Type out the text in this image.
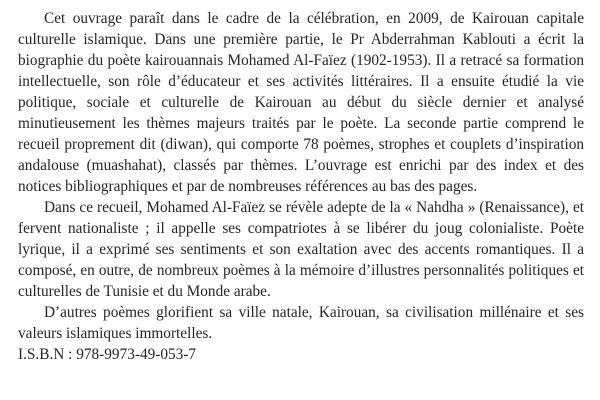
Cet ouvrage paraît dans le cadre de la célébration, en 2009, de Kairouan capitale culturelle islamique. Dans une première partie, le Pr Abderrahman Kablouti a écrit la biographie du poète kairouannais Mohamed Al-Faïez (1902-1953). Il a retracé sa formation intellectuelle, son rôle d’éducateur et ses activités littéraires. Il a ensuite étudié la vie politique, sociale et culturelle de Kairouan au début du siècle dernier et analysé minutieusement les thèmes majeurs traités par le poète. La seconde partie comprend le recueil proprement dit (diwan), qui comporte 78 poèmes, strophes et couplets d’inspiration andalouse (muashahat), classés par thèmes. L’ouvrage est enrichi par des index et des notices bibliographiques et par de nombreuses références au bas des pages.

Dans ce recueil, Mohamed Al-Faïez se révèle adepte de la « Nahdha » (Renaissance), et fervent nationaliste ; il appelle ses compatriotes à se libérer du joug colonialiste. Poète lyrique, il a exprimé ses sentiments et son exaltation avec des accents romantiques. Il a composé, en outre, de nombreux poèmes à la mémoire d’illustres personnalités politiques et culturelles de Tunisie et du Monde arabe.

D’autres poèmes glorifient sa ville natale, Kairouan, sa civilisation millénaire et ses valeurs islamiques immortelles.

I.S.B.N : 978-9973-49-053-7
